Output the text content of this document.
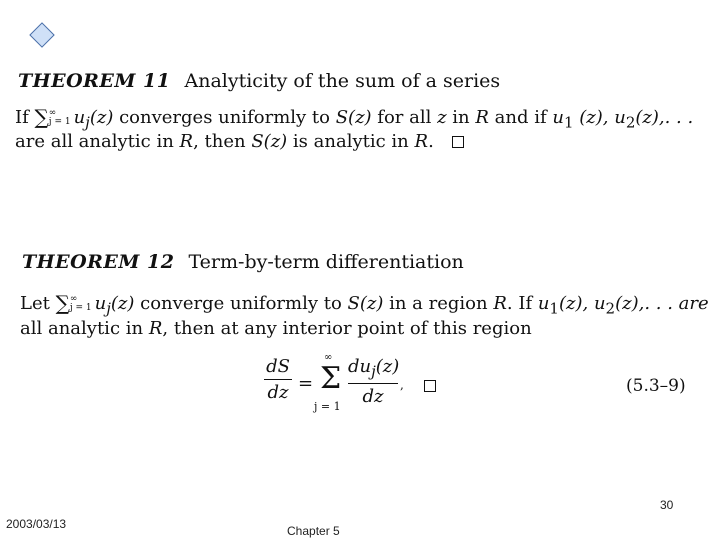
THEOREM 11 Analyticity of the sum of a series
If ∑ ∞
j = 1 $u_j(z)$ converges uniformly to S(z) for all z in R and if $u_1$ (z), $u_2(z)$,. . .
are all analytic in R, then S(z) is analytic in R.
THEOREM 12 Term-by-term differentiation
Let ∑ ∞
j = 1 $u_j(z)$ converge uniformly to S(z) in a region R. If $u_1(z)$, $u_2(z)$,. . . are
all analytic in R, then at any interior point of this region
dS
dz =
∞
Σ
j = 1
$du_j(z)$
dz
,	(5.3–9)
30
2003/03/13	Chapter 5
